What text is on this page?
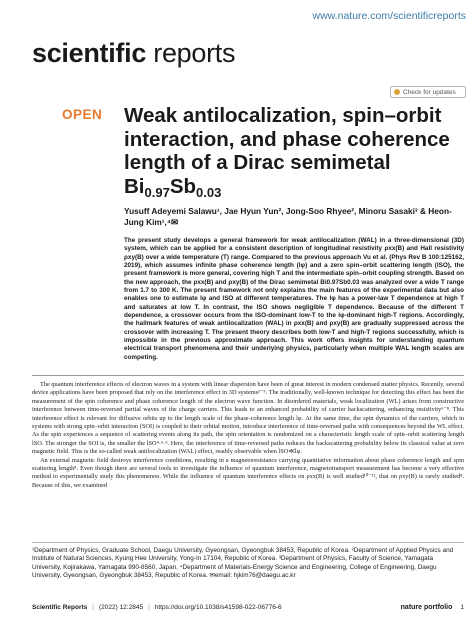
www.nature.com/scientificreports
scientific reports
Check for updates
OPEN Weak antilocalization, spin–orbit interaction, and phase coherence length of a Dirac semimetal $Bi_{0.97}Sb_{0.03}$
Yusuff Adeyemi Salawu¹, Jae Hyun Yun², Jong-Soo Rhyee², Minoru Sasaki³ & Heon-Jung Kim¹,⁴✉
The present study develops a general framework for weak antilocalization (WAL) in a three-dimensional (3D) system, which can be applied for a consistent description of longitudinal resistivity ρxx(B) and Hall resistivity ρxy(B) over a wide temperature (T) range. Compared to the previous approach Vu et al. (Phys Rev B 100:125162, 2019), which assumes infinite phase coherence length (lφ) and a zero spin–orbit scattering length (lSO), the present framework is more general, covering high T and the intermediate spin–orbit coupling strength. Based on the new approach, the ρxx(B) and ρxy(B) of the Dirac semimetal Bi0.97Sb0.03 was analyzed over a wide T range from 1.7 to 300 K. The present framework not only explains the main features of the experimental data but also enables one to estimate lφ and lSO at different temperatures. The lφ has a power-law T dependence at high T and saturates at low T. In contrast, the lSO shows negligible T dependence. Because of the different T dependence, a crossover occurs from the lSO-dominant low-T to the lφ-dominant high-T regions. Accordingly, the hallmark features of weak antilocalization (WAL) in ρxx(B) and ρxy(B) are gradually suppressed across the crossover with increasing T. The present theory describes both low-T and high-T regions successfully, which is impossible in the previous approximate approach. This work offers insights for understanding quantum electrical transport phenomena and their underlying physics, particularly when multiple WAL length scales are competing.

The quantum interference effects of electron waves in a system with linear dispersion have been of great interest in modern condensed matter physics. Recently, several device applications have been proposed that rely on the interference effect in 3D systems¹⁻⁵. The traditionally, well-known technique for detecting this effect has been the measurement of the spin coherence and phase coherence length of the electron wave function. In disordered materials, weak localization (WL) arises from constructive interference between time-reversed partial waves of the charge carriers. This leads to an enhanced probability of carrier backscattering, enhancing resistivity⁶⁻⁸. This interference effect is relevant for diffusive orbits up to the length scale of the phase-coherence length lφ. At the same time, the spin dynamics of the carriers, which in systems with strong spin–orbit interaction (SOI) is coupled to their orbital motion, introduce interference of time-reversed paths with consequences beyond the WL effect. As the spin experiences a sequence of scattering events along its path, the spin orientation is randomized on a characteristic length scale of spin–orbit scattering length lSO. The stronger the SOI is, the smaller the lSO⁴·⁵·⁹. Here, the interference of time-reversed paths reduces the backscattering probability below its classical value at zero magnetic field. This is the so-called weak antilocalization (WAL) effect, readily observable when lSO≪lφ.

An external magnetic field destroys interference conditions, resulting in a magnetoresistance carrying quantitative information about phase coherence length and spin scattering length⁸. Even though there are several tools to investigate the influence of quantum interference, magnetotransport measurement has become a very effective method to experimentally study this phenomenon. While the influence of quantum interference effects on ρxx(B) is well studied¹⁰⁻¹², that on ρxy(B) is rarely studied⁸. Because of this, we examined

¹Department of Physics, Graduate School, Daegu University, Gyeongsan, Gyeongbuk 38453, Republic of Korea. ²Department of Applied Physics and Institute of Natural Sciences, Kyung Hee University, Yong-In 17104, Republic of Korea. ³Department of Physics, Faculty of Science, Yamagata University, Kojirakawa, Yamagata 990-8560, Japan. ⁴Department of Materials-Energy Science and Engineering, College of Engineering, Daegu University, Gyeongsan, Gyeongbuk 38453, Republic of Korea. ✉email: hjkim76@daegu.ac.kr
Scientific Reports | (2022) 12:2845 | https://doi.org/10.1038/s41598-022-06776-6	nature portfolio 1
